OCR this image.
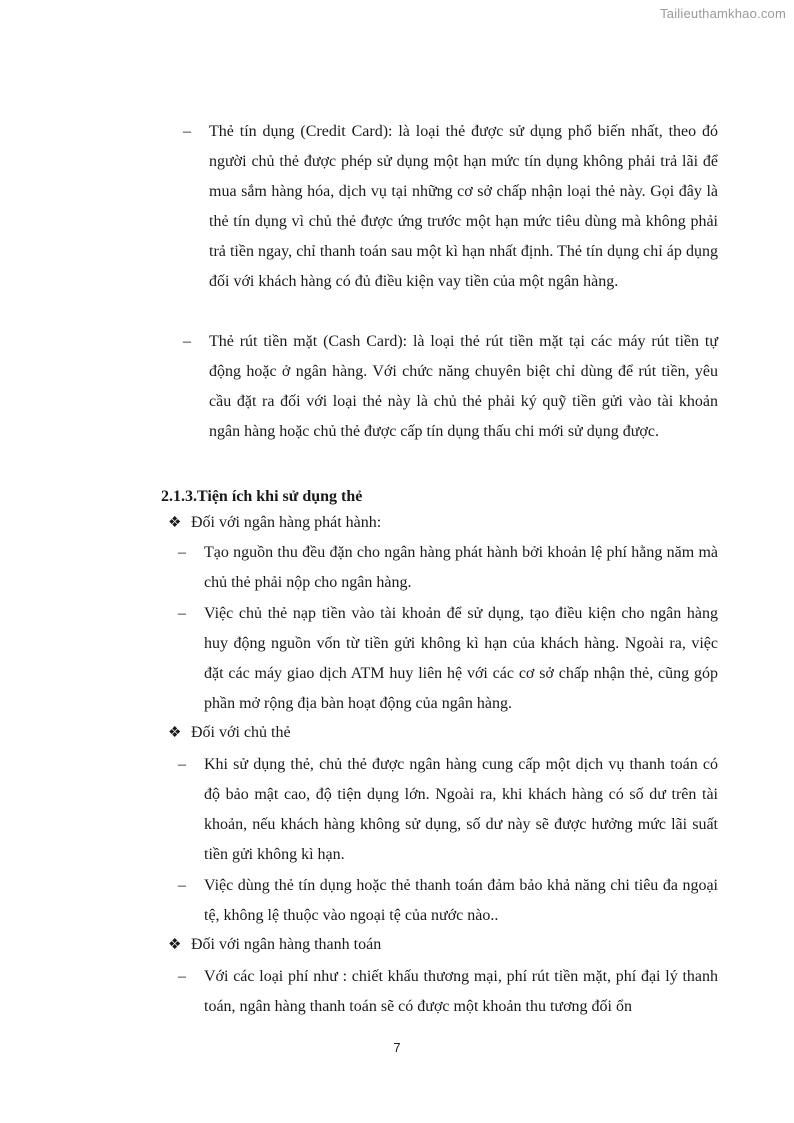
Tailieuthamkhao.com
– Thẻ tín dụng (Credit Card): là loại thẻ được sử dụng phổ biến nhất, theo đó người chủ thẻ được phép sử dụng một hạn mức tín dụng không phải trả lãi để mua sắm hàng hóa, dịch vụ tại những cơ sở chấp nhận loại thẻ này. Gọi đây là thẻ tín dụng vì chủ thẻ được ứng trước một hạn mức tiêu dùng mà không phải trả tiền ngay, chỉ thanh toán sau một kì hạn nhất định. Thẻ tín dụng chỉ áp dụng đối với khách hàng có đủ điều kiện vay tiền của một ngân hàng.
– Thẻ rút tiền mặt (Cash Card): là loại thẻ rút tiền mặt tại các máy rút tiền tự động hoặc ở ngân hàng. Với chức năng chuyên biệt chỉ dùng để rút tiền, yêu cầu đặt ra đối với loại thẻ này là chủ thẻ phải ký quỹ tiền gửi vào tài khoản ngân hàng hoặc chủ thẻ được cấp tín dụng thấu chi mới sử dụng được.
2.1.3.Tiện ích khi sử dụng thẻ
❖ Đối với ngân hàng phát hành:
– Tạo nguồn thu đều đặn cho ngân hàng phát hành bởi khoản lệ phí hằng năm mà chủ thẻ phải nộp cho ngân hàng.
– Việc chủ thẻ nạp tiền vào tài khoản để sử dụng, tạo điều kiện cho ngân hàng huy động nguồn vốn từ tiền gửi không kì hạn của khách hàng. Ngoài ra, việc đặt các máy giao dịch ATM huy liên hệ với các cơ sở chấp nhận thẻ, cũng góp phần mở rộng địa bàn hoạt động của ngân hàng.
❖ Đối với chủ thẻ
– Khi sử dụng thẻ, chủ thẻ được ngân hàng cung cấp một dịch vụ thanh toán có độ bảo mật cao, độ tiện dụng lớn. Ngoài ra, khi khách hàng có số dư trên tài khoản, nếu khách hàng không sử dụng, số dư này sẽ được hưởng mức lãi suất tiền gửi không kì hạn.
– Việc dùng thẻ tín dụng hoặc thẻ thanh toán đảm bảo khả năng chi tiêu đa ngoại tệ, không lệ thuộc vào ngoại tệ của nước nào..
❖ Đối với ngân hàng thanh toán
– Với các loại phí như : chiết khấu thương mại, phí rút tiền mặt, phí đại lý thanh toán, ngân hàng thanh toán sẽ có được một khoản thu tương đối ổn
7
